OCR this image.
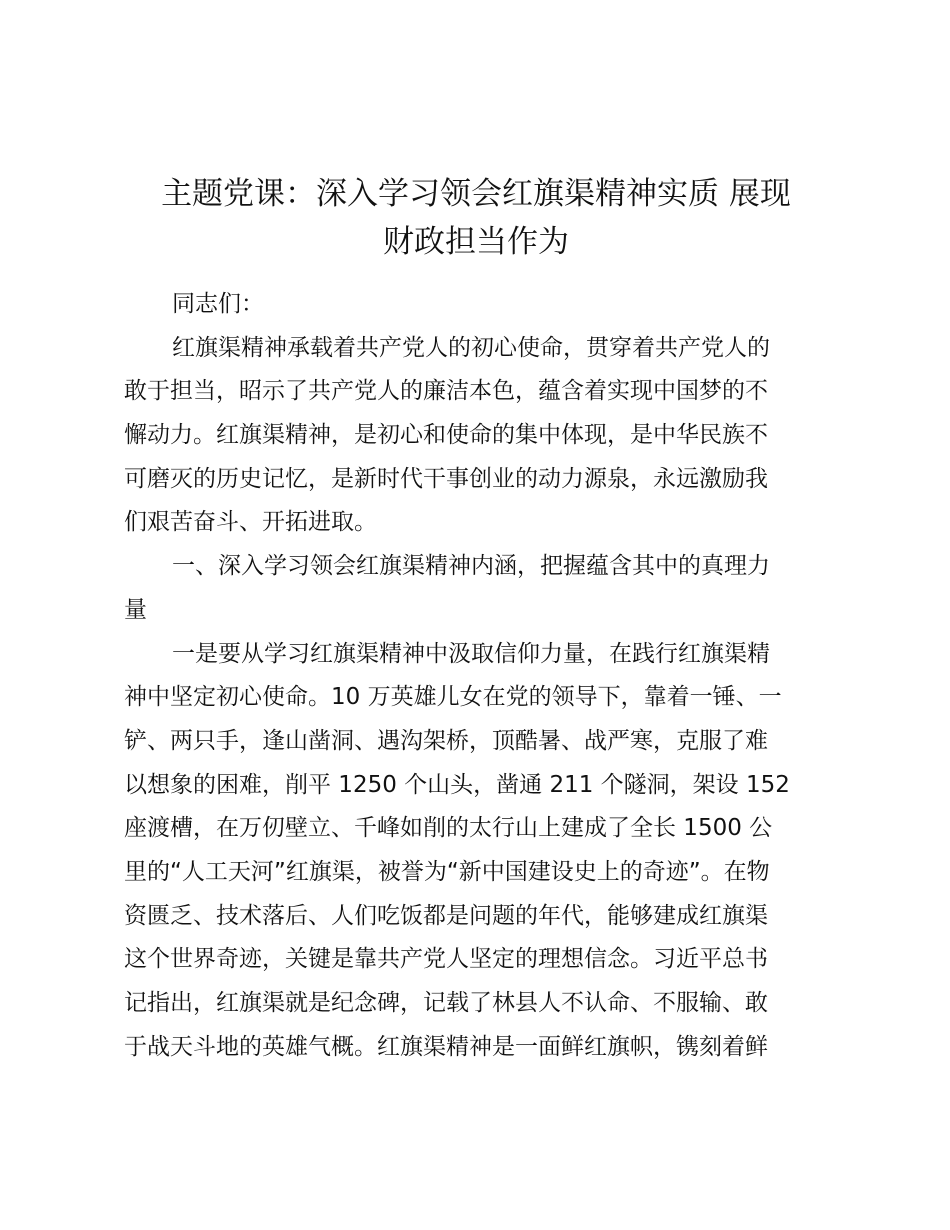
主题党课：深入学习领会红旗渠精神实质 展现
财政担当作为
同志们：
红旗渠精神承载着共产党人的初心使命，贯穿着共产党人的
敢于担当，昭示了共产党人的廉洁本色，蕴含着实现中国梦的不
懈动力。红旗渠精神，是初心和使命的集中体现，是中华民族不
可磨灭的历史记忆，是新时代干事创业的动力源泉，永远激励我
们艰苦奋斗、开拓进取。
一、深入学习领会红旗渠精神内涵，把握蕴含其中的真理力
量
一是要从学习红旗渠精神中汲取信仰力量，在践行红旗渠精
神中坚定初心使命。10 万英雄儿女在党的领导下，靠着一锤、一
铲、两只手，逢山凿洞、遇沟架桥，顶酷暑、战严寒，克服了难
以想象的困难，削平 1250 个山头，凿通 211 个隧洞，架设 152
座渡槽，在万仞壁立、千峰如削的太行山上建成了全长 1500 公
里的“人工天河”红旗渠，被誉为“新中国建设史上的奇迹”。在物
资匮乏、技术落后、人们吃饭都是问题的年代，能够建成红旗渠
这个世界奇迹，关键是靠共产党人坚定的理想信念。习近平总书
记指出，红旗渠就是纪念碑，记载了林县人不认命、不服输、敢
于战天斗地的英雄气概。红旗渠精神是一面鲜红旗帜，镌刻着鲜
